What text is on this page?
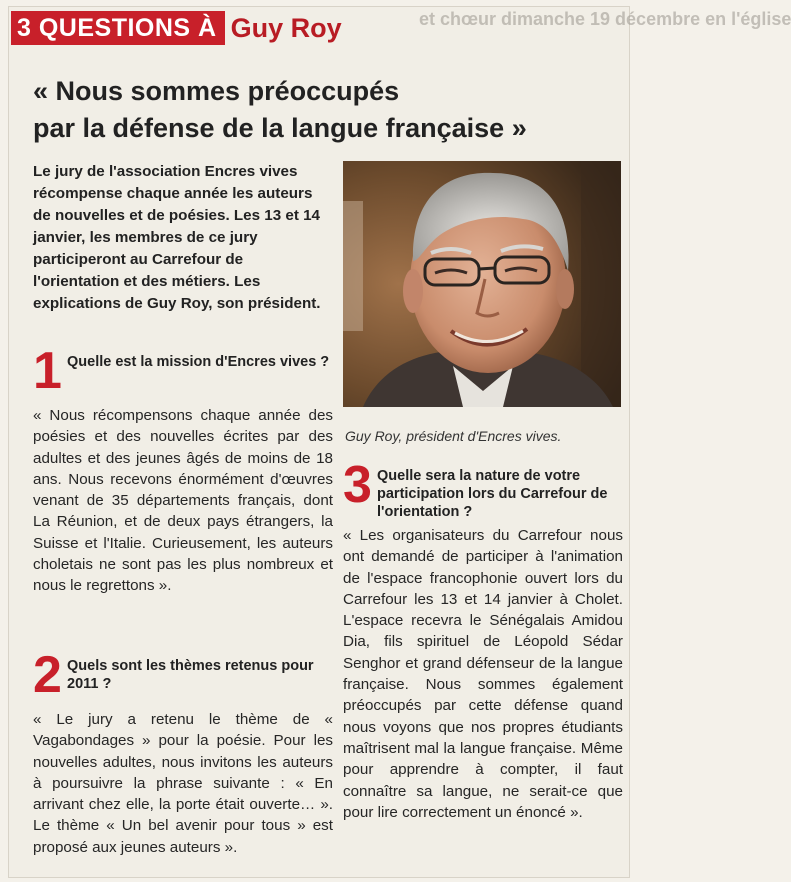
et chœur dimanche 19 décembre en l'église
3 QUESTIONS À Guy Roy
« Nous sommes préoccupés
par la défense de la langue française »
Le jury de l'association Encres vives récompense chaque année les auteurs de nouvelles et de poésies. Les 13 et 14 janvier, les membres de ce jury participeront au Carrefour de l'orientation et des métiers. Les explications de Guy Roy, son président.
Guy Roy, président d'Encres vives.
1 Quelle est la mission d'Encres vives ?
« Nous récompensons chaque année des poésies et des nouvelles écrites par des adultes et des jeunes âgés de moins de 18 ans. Nous recevons énormément d'œuvres venant de 35 départements français, dont La Réunion, et de deux pays étrangers, la Suisse et l'Italie. Curieusement, les auteurs choletais ne sont pas les plus nombreux et nous le regrettons ».
2 Quels sont les thèmes retenus pour 2011 ?
« Le jury a retenu le thème de « Vagabondages » pour la poésie. Pour les nouvelles adultes, nous invitons les auteurs à poursuivre la phrase suivante : « En arrivant chez elle, la porte était ouverte… ». Le thème « Un bel avenir pour tous » est proposé aux jeunes auteurs ».
3 Quelle sera la nature de votre participation lors du Carrefour de l'orientation ?
« Les organisateurs du Carrefour nous ont demandé de participer à l'animation de l'espace francophonie ouvert lors du Carrefour les 13 et 14 janvier à Cholet. L'espace recevra le Sénégalais Amidou Dia, fils spirituel de Léopold Sédar Senghor et grand défenseur de la langue française. Nous sommes également préoccupés par cette défense quand nous voyons que nos propres étudiants maîtrisent mal la langue française. Même pour apprendre à compter, il faut connaître sa langue, ne serait-ce que pour lire correctement un énoncé ».
